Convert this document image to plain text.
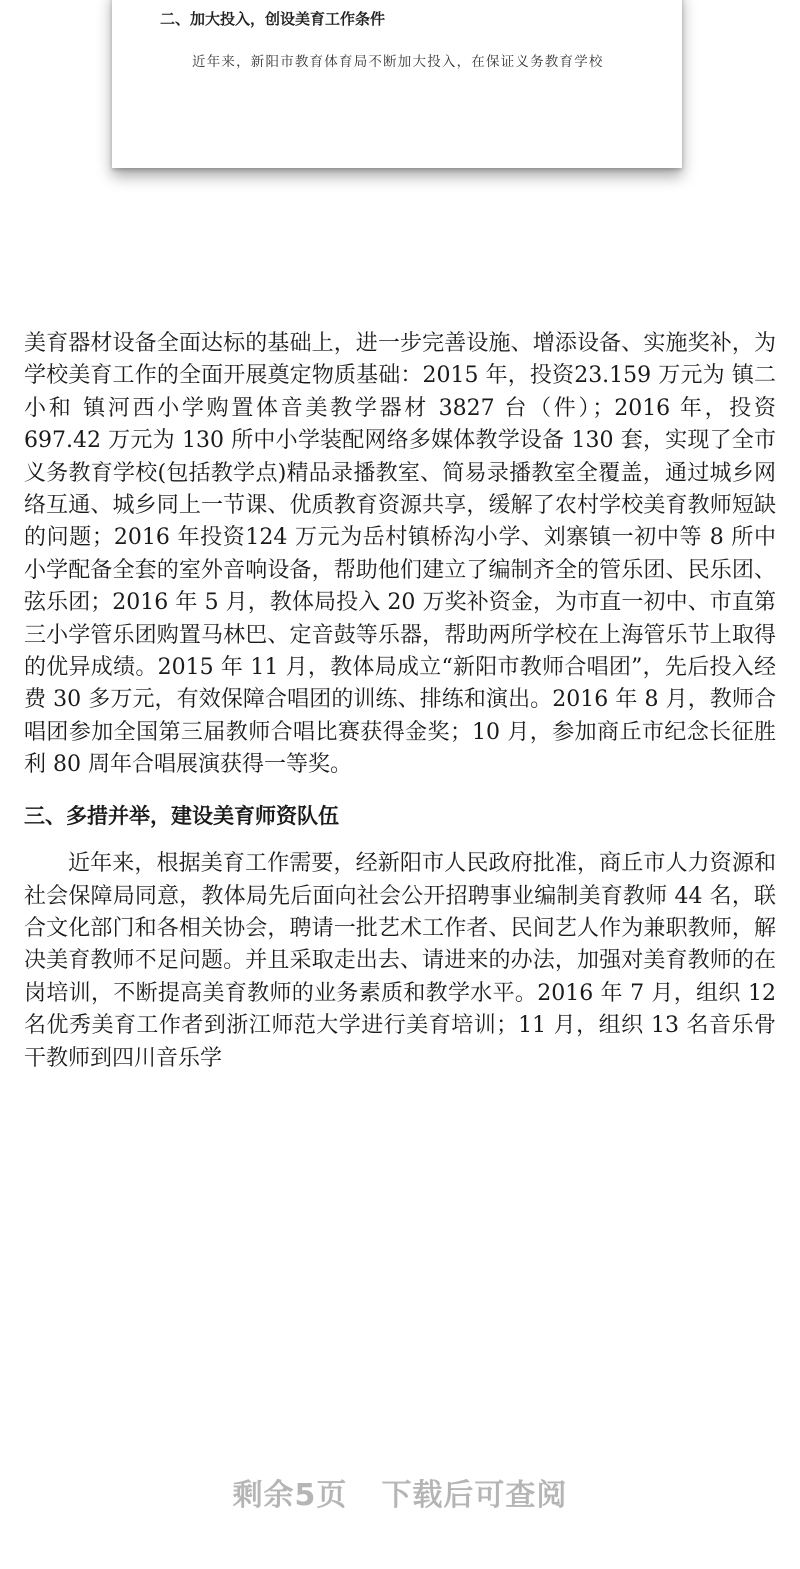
二、加大投入，创设美育工作条件

近年来，新阳市教育体育局不断加大投入，在保证义务教育学校

美育器材设备全面达标的基础上，进一步完善设施、增添设备、实施奖补，为学校美育工作的全面开展奠定物质基础：2015 年，投资23.159 万元为 镇二小和 镇河西小学购置体音美教学器材 3827 台（件）；2016 年，投资 697.42 万元为 130 所中小学装配网络多媒体教学设备 130 套，实现了全市义务教育学校(包括教学点)精品录播教室、简易录播教室全覆盖，通过城乡网络互通、城乡同上一节课、优质教育资源共享，缓解了农村学校美育教师短缺的问题；2016 年投资124 万元为岳村镇桥沟小学、刘寨镇一初中等 8 所中小学配备全套的室外音响设备，帮助他们建立了编制齐全的管乐团、民乐团、弦乐团；2016 年 5 月，教体局投入 20 万奖补资金，为市直一初中、市直第三小学管乐团购置马林巴、定音鼓等乐器，帮助两所学校在上海管乐节上取得的优异成绩。2015 年 11 月，教体局成立“新阳市教师合唱团”，先后投入经费 30 多万元，有效保障合唱团的训练、排练和演出。2016 年 8 月，教师合唱团参加全国第三届教师合唱比赛获得金奖；10 月，参加商丘市纪念长征胜利 80 周年合唱展演获得一等奖。

三、多措并举，建设美育师资队伍

近年来，根据美育工作需要，经新阳市人民政府批准，商丘市人力资源和社会保障局同意，教体局先后面向社会公开招聘事业编制美育教师 44 名，联合文化部门和各相关协会，聘请一批艺术工作者、民间艺人作为兼职教师，解决美育教师不足问题。并且采取走出去、请进来的办法，加强对美育教师的在岗培训，不断提高美育教师的业务素质和教学水平。2016 年 7 月，组织 12 名优秀美育工作者到浙江师范大学进行美育培训；11 月，组织 13 名音乐骨干教师到四川音乐学

剩余5页 下载后可查阅
